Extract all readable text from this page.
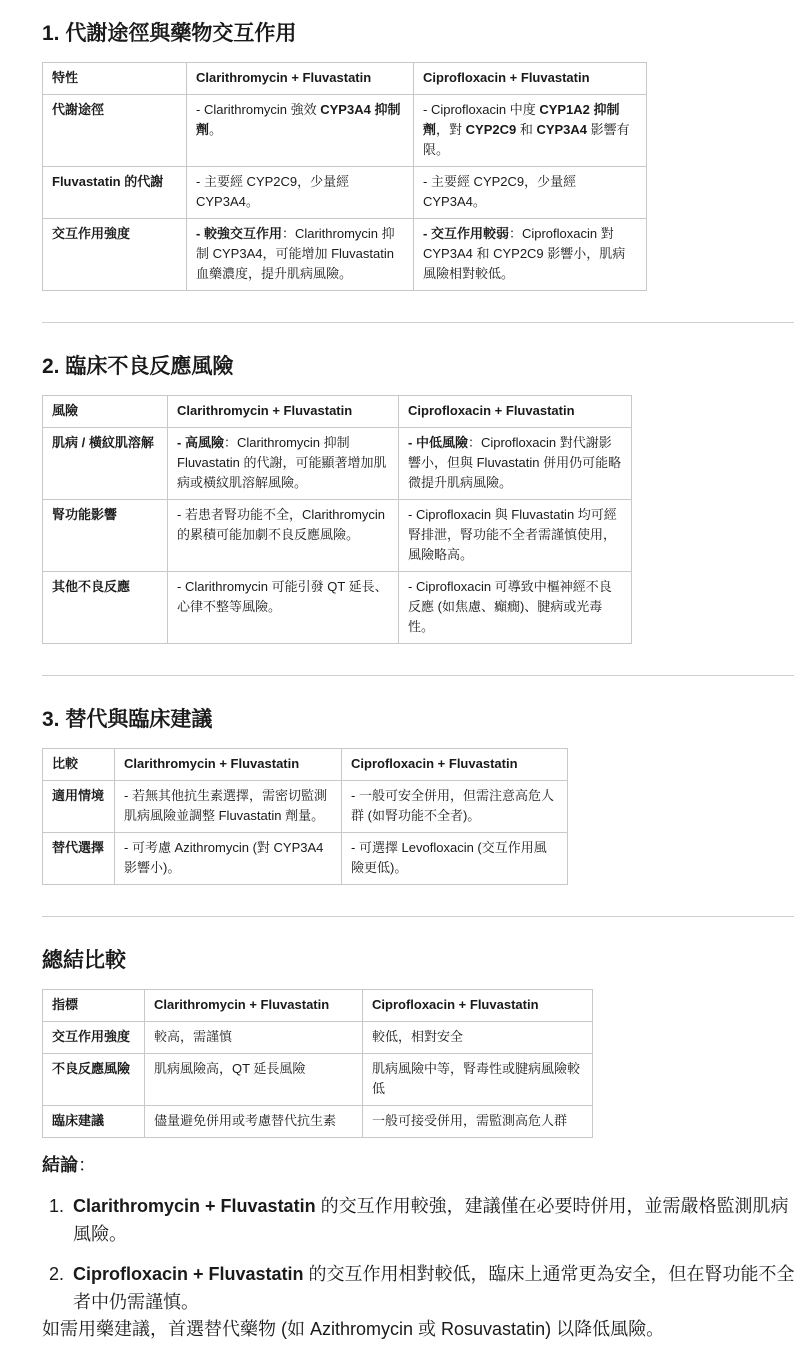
1. 代謝途徑與藥物交互作用
特性	Clarithromycin + Fluvastatin	Ciprofloxacin + Fluvastatin
代謝途徑	- Clarithromycin 強效 CYP3A4 抑制劑。	- Ciprofloxacin 中度 CYP1A2 抑制劑，對 CYP2C9 和 CYP3A4 影響有限。
Fluvastatin 的代謝	- 主要經 CYP2C9，少量經 CYP3A4。	- 主要經 CYP2C9，少量經 CYP3A4。
交互作用強度	- 較強交互作用：Clarithromycin 抑制 CYP3A4，可能增加 Fluvastatin 血藥濃度，提升肌病風險。	- 交互作用較弱：Ciprofloxacin 對 CYP3A4 和 CYP2C9 影響小，肌病風險相對較低。
2. 臨床不良反應風險
風險	Clarithromycin + Fluvastatin	Ciprofloxacin + Fluvastatin
肌病 / 橫紋肌溶解	- 高風險：Clarithromycin 抑制 Fluvastatin 的代謝，可能顯著增加肌病或橫紋肌溶解風險。	- 中低風險：Ciprofloxacin 對代謝影響小，但與 Fluvastatin 併用仍可能略微提升肌病風險。
腎功能影響	- 若患者腎功能不全，Clarithromycin 的累積可能加劇不良反應風險。	- Ciprofloxacin 與 Fluvastatin 均可經腎排泄，腎功能不全者需謹慎使用，風險略高。
其他不良反應	- Clarithromycin 可能引發 QT 延長、心律不整等風險。	- Ciprofloxacin 可導致中樞神經不良反應 (如焦慮、癲癇)、腱病或光毒性。
3. 替代與臨床建議
比較	Clarithromycin + Fluvastatin	Ciprofloxacin + Fluvastatin
適用情境	- 若無其他抗生素選擇，需密切監測肌病風險並調整 Fluvastatin 劑量。	- 一般可安全併用，但需注意高危人群 (如腎功能不全者)。
替代選擇	- 可考慮 Azithromycin (對 CYP3A4 影響小)。	- 可選擇 Levofloxacin (交互作用風險更低)。
總結比較
指標	Clarithromycin + Fluvastatin	Ciprofloxacin + Fluvastatin
交互作用強度	較高，需謹慎	較低，相對安全
不良反應風險	肌病風險高，QT 延長風險	肌病風險中等，腎毒性或腱病風險較低
臨床建議	儘量避免併用或考慮替代抗生素	一般可接受併用，需監測高危人群
結論：
1. Clarithromycin + Fluvastatin 的交互作用較強，建議僅在必要時併用，並需嚴格監測肌病風險。
2. Ciprofloxacin + Fluvastatin 的交互作用相對較低，臨床上通常更為安全，但在腎功能不全者中仍需謹慎。
如需用藥建議，首選替代藥物 (如 Azithromycin 或 Rosuvastatin) 以降低風險。
